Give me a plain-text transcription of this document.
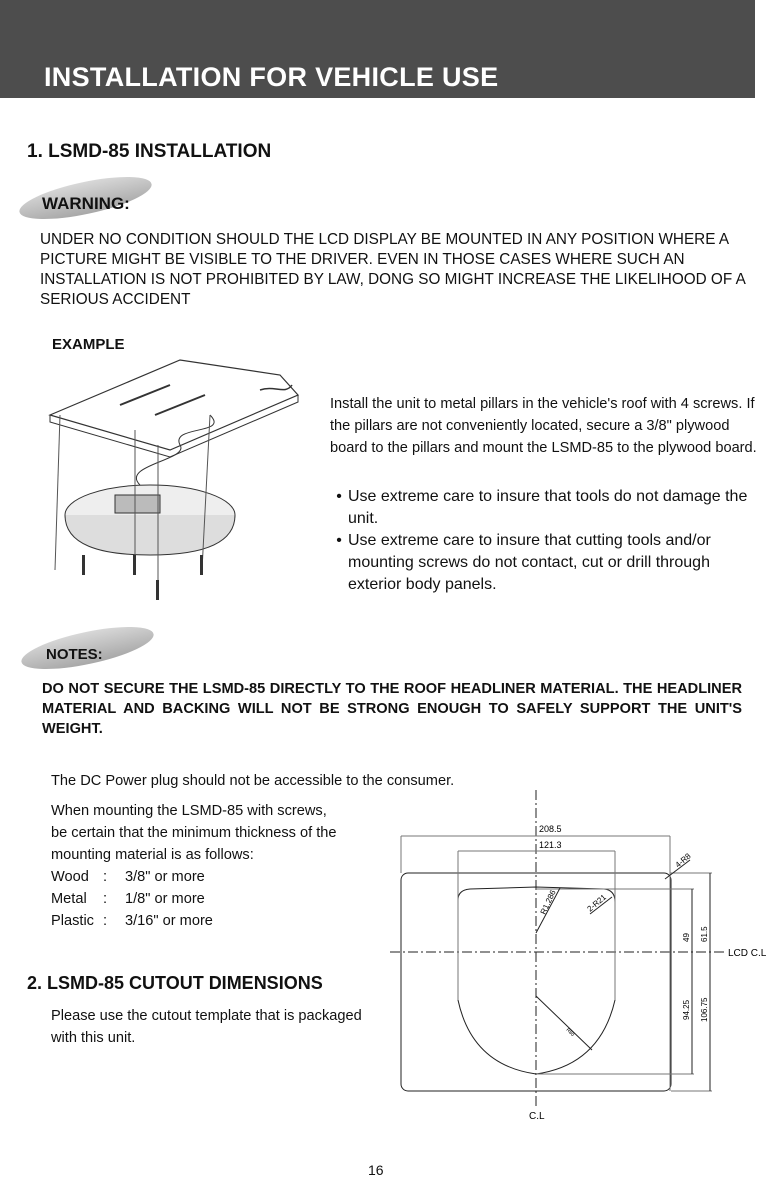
INSTALLATION FOR VEHICLE USE
1. LSMD-85 INSTALLATION
WARNING:
UNDER NO CONDITION SHOULD THE LCD DISPLAY BE MOUNTED IN ANY POSITION WHERE A PICTURE MIGHT BE VISIBLE TO THE DRIVER. EVEN IN THOSE CASES WHERE SUCH AN INSTALLATION IS NOT PROHIBITED BY LAW, DONG SO MIGHT INCREASE THE LIKELIHOOD OF A SERIOUS ACCIDENT
EXAMPLE
Install the unit to metal pillars in the vehicle's roof with 4 screws. If the pillars are not conveniently located, secure a 3/8" plywood board to the pillars and mount the LSMD-85 to the plywood board.
• Use extreme care to insure that tools do not damage the unit.
• Use extreme care to insure that cutting tools and/or mounting screws do not contact, cut or drill through exterior body panels.
NOTES:
DO NOT SECURE THE LSMD-85 DIRECTLY TO THE ROOF HEADLINER MATERIAL. THE HEADLINER MATERIAL AND BACKING WILL NOT BE STRONG ENOUGH TO SAFELY SUPPORT THE UNIT'S WEIGHT.
The DC Power plug should not be accessible to the consumer.
When mounting the LSMD-85 with screws,
be certain that the minimum thickness of the
mounting material is as follows:
Wood :	3/8" or more
Metal	:	1/8" or more
Plastic :	3/16" or more
2. LSMD-85 CUTOUT DIMENSIONS
Please use the cutout template that is packaged
with this unit.
208.5
121.3
4-R8
R1.286	2-R21
49 61.5
94.25 106.75
R80
LCD C.L
C.L
16
